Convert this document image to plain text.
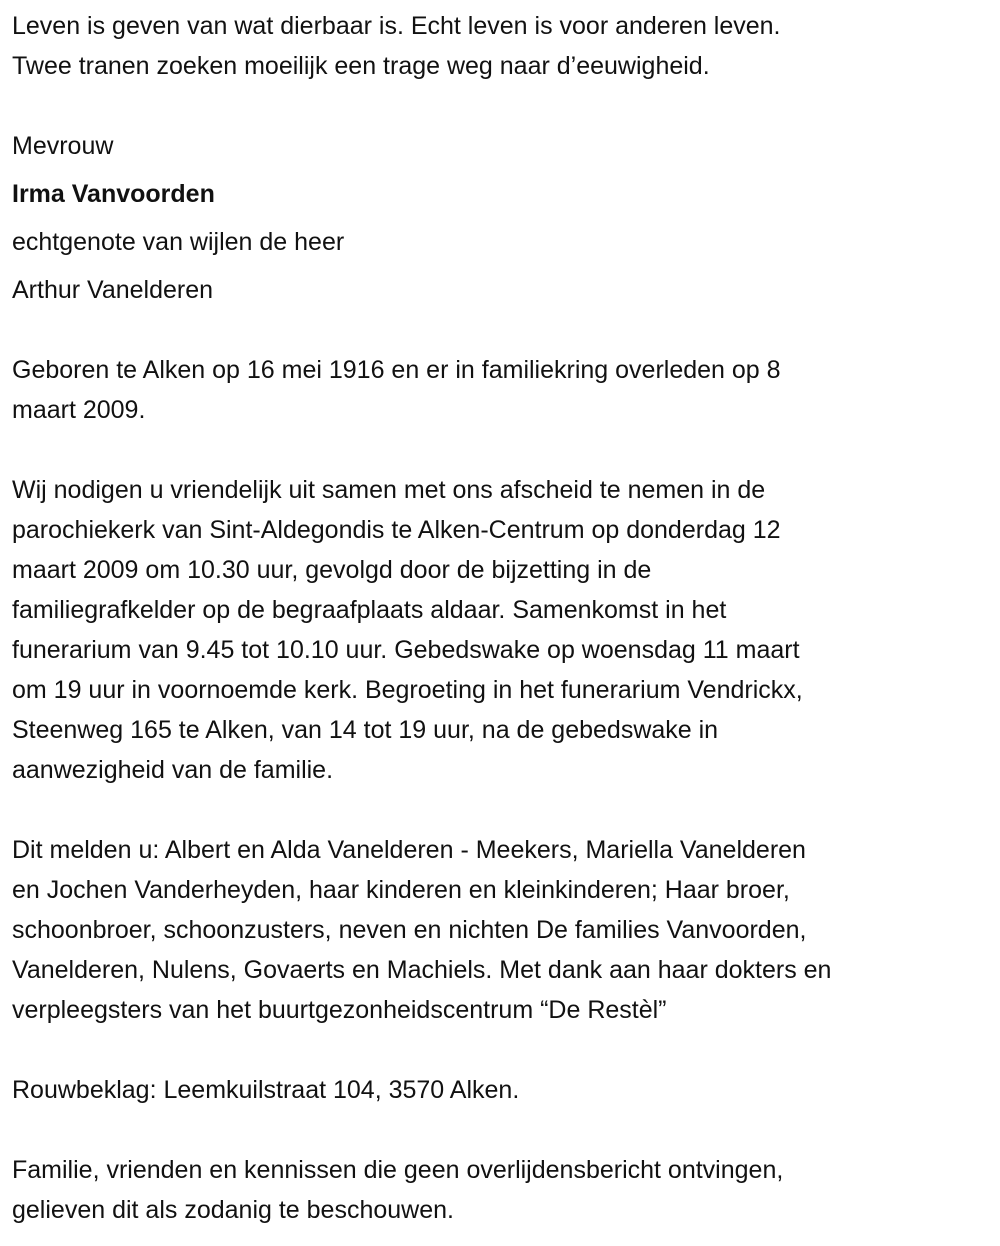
Leven is geven van wat dierbaar is. Echt leven is voor anderen leven.
Twee tranen zoeken moeilijk een trage weg naar d’eeuwigheid.
Mevrouw
Irma Vanvoorden
echtgenote van wijlen de heer
Arthur Vanelderen
Geboren te Alken op 16 mei 1916 en er in familiekring overleden op 8
maart 2009.
Wij nodigen u vriendelijk uit samen met ons afscheid te nemen in de
parochiekerk van Sint-Aldegondis te Alken-Centrum op donderdag 12
maart 2009 om 10.30 uur, gevolgd door de bijzetting in de
familiegrafkelder op de begraafplaats aldaar. Samenkomst in het
funerarium van 9.45 tot 10.10 uur. Gebedswake op woensdag 11 maart
om 19 uur in voornoemde kerk. Begroeting in het funerarium Vendrickx,
Steenweg 165 te Alken, van 14 tot 19 uur, na de gebedswake in
aanwezigheid van de familie.
Dit melden u: Albert en Alda Vanelderen - Meekers, Mariella Vanelderen
en Jochen Vanderheyden, haar kinderen en kleinkinderen; Haar broer,
schoonbroer, schoonzusters, neven en nichten De families Vanvoorden,
Vanelderen, Nulens, Govaerts en Machiels. Met dank aan haar dokters en
verpleegsters van het buurtgezonheidscentrum “De Restèl”
Rouwbeklag: Leemkuilstraat 104, 3570 Alken.
Familie, vrienden en kennissen die geen overlijdensbericht ontvingen,
gelieven dit als zodanig te beschouwen.
